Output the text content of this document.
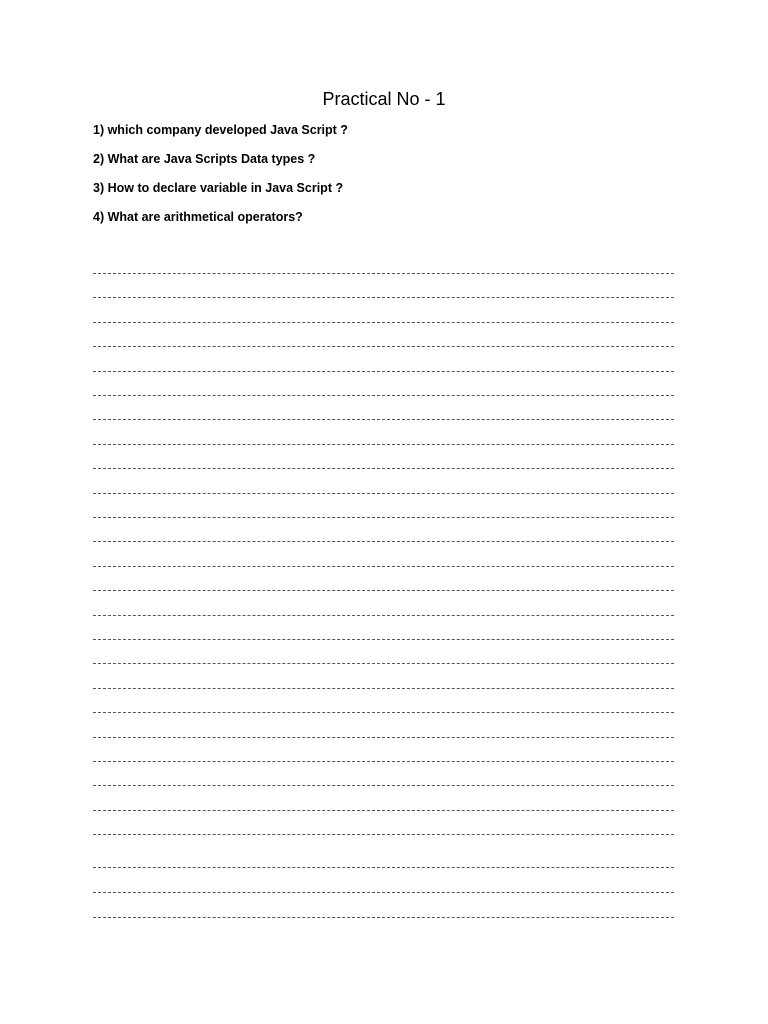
Practical No - 1
1) which company developed Java Script ?
2) What are Java Scripts Data types ?
3) How to declare variable in Java Script ?
4) What are arithmetical operators?
